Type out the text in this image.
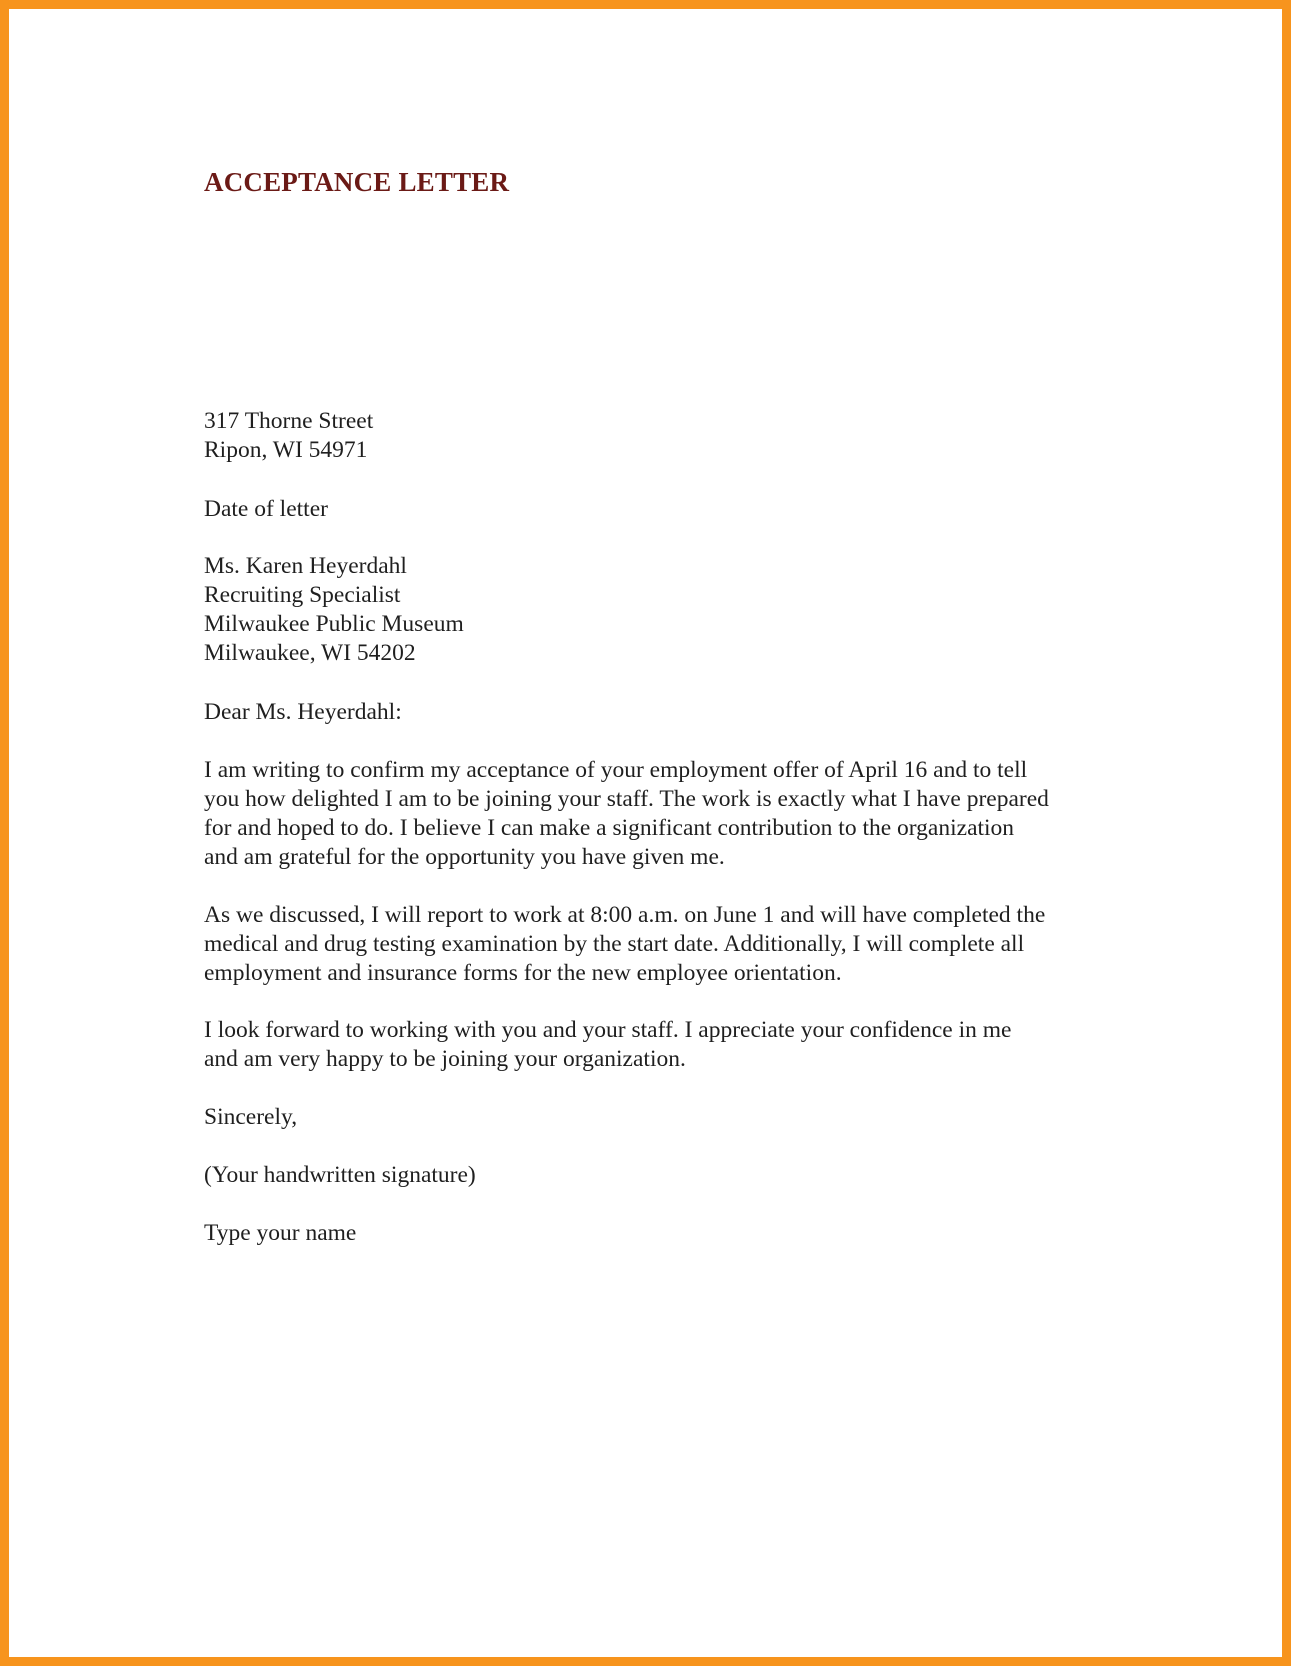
ACCEPTANCE LETTER
317 Thorne Street
Ripon, WI 54971
Date of letter
Ms. Karen Heyerdahl
Recruiting Specialist
Milwaukee Public Museum
Milwaukee, WI 54202
Dear Ms. Heyerdahl:
I am writing to confirm my acceptance of your employment offer of April 16 and to tell
you how delighted I am to be joining your staff. The work is exactly what I have prepared
for and hoped to do. I believe I can make a significant contribution to the organization
and am grateful for the opportunity you have given me.
As we discussed, I will report to work at 8:00 a.m. on June 1 and will have completed the
medical and drug testing examination by the start date. Additionally, I will complete all
employment and insurance forms for the new employee orientation.
I look forward to working with you and your staff. I appreciate your confidence in me
and am very happy to be joining your organization.
Sincerely,
(Your handwritten signature)
Type your name
